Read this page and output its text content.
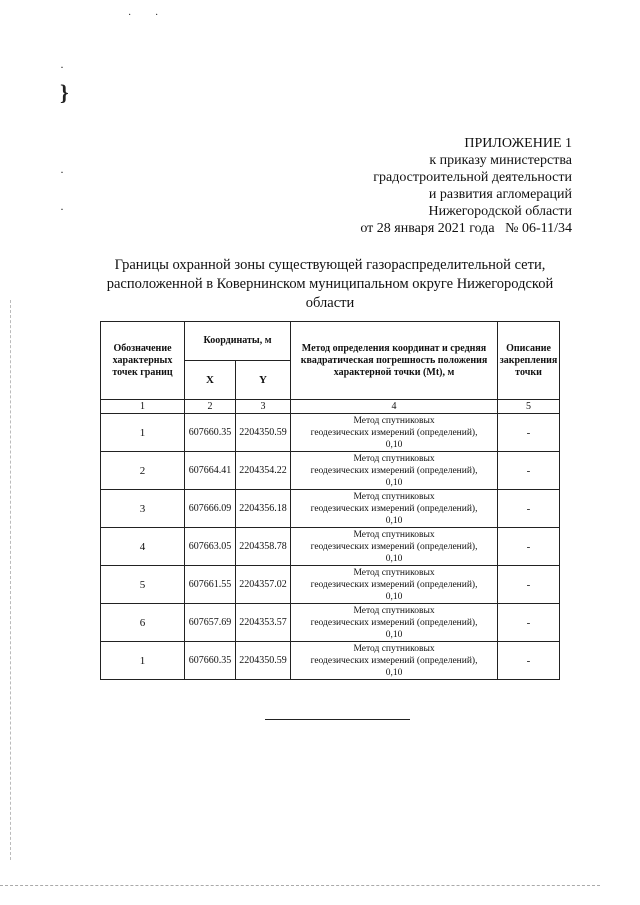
· ·
·
}
·
·
ПРИЛОЖЕНИЕ 1
к приказу министерства
градостроительной деятельности
и развития агломераций
Нижегородской области
от 28 января 2021 года   № 06-11/34
Границы охранной зоны существующей газораспределительной сети,
расположенной в Ковернинском муниципальном округе Нижегородской
области
Обозначение характерных точек границ	Координаты, м		Метод определения координат и средняя квадратическая погрешность положения характерной точки (Mt), м	Описание закрепления точки
	X	Y		
1	2	3	4	5
1	607660.35	2204350.59	Метод спутниковых
геодезических измерений (определений),
0,10	-
2	607664.41	2204354.22	Метод спутниковых
геодезических измерений (определений),
0,10	-
3	607666.09	2204356.18	Метод спутниковых
геодезических измерений (определений),
0,10	-
4	607663.05	2204358.78	Метод спутниковых
геодезических измерений (определений),
0,10	-
5	607661.55	2204357.02	Метод спутниковых
геодезических измерений (определений),
0,10	-
6	607657.69	2204353.57	Метод спутниковых
геодезических измерений (определений),
0,10	-
1	607660.35	2204350.59	Метод спутниковых
геодезических измерений (определений),
0,10	-
